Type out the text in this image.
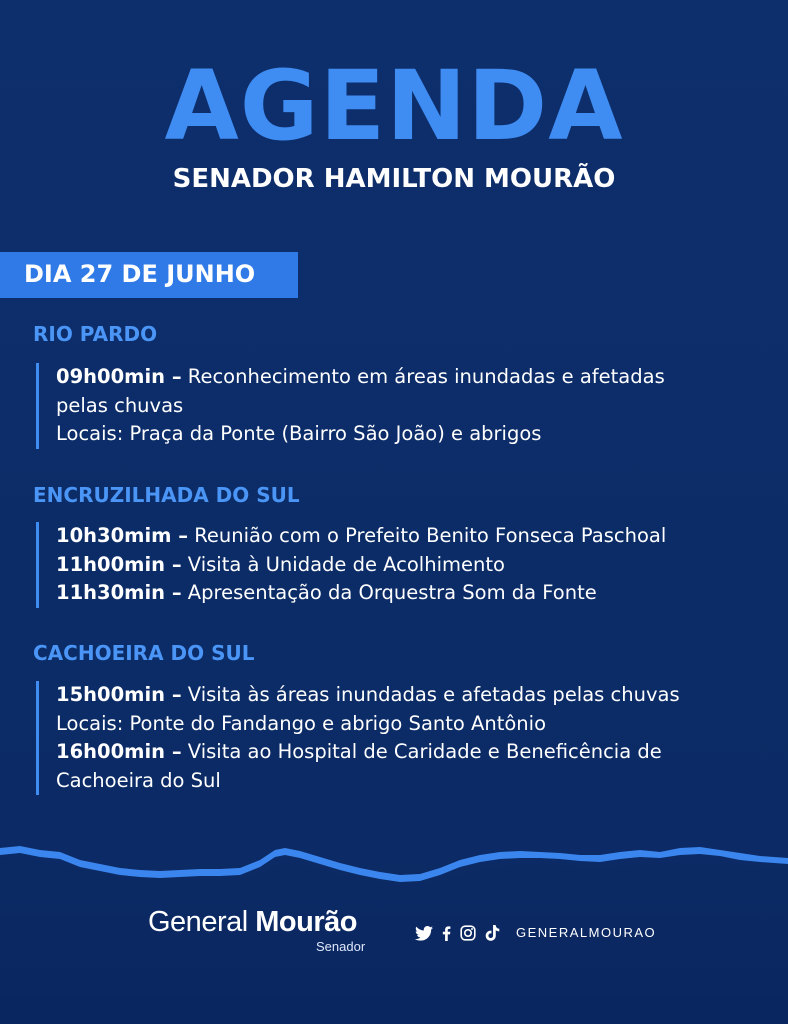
AGENDA
SENADOR HAMILTON MOURÃO
DIA 27 DE JUNHO
RIO PARDO
09h00min – Reconhecimento em áreas inundadas e afetadas
pelas chuvas
Locais: Praça da Ponte (Bairro São João) e abrigos
ENCRUZILHADA DO SUL
10h30mim – Reunião com o Prefeito Benito Fonseca Paschoal
11h00min – Visita à Unidade de Acolhimento
11h30min – Apresentação da Orquestra Som da Fonte
CACHOEIRA DO SUL
15h00min – Visita às áreas inundadas e afetadas pelas chuvas
Locais: Ponte do Fandango e abrigo Santo Antônio
16h00min – Visita ao Hospital de Caridade e Beneficência de
Cachoeira do Sul
General Mourão
Senador
GENERALMOURAO
